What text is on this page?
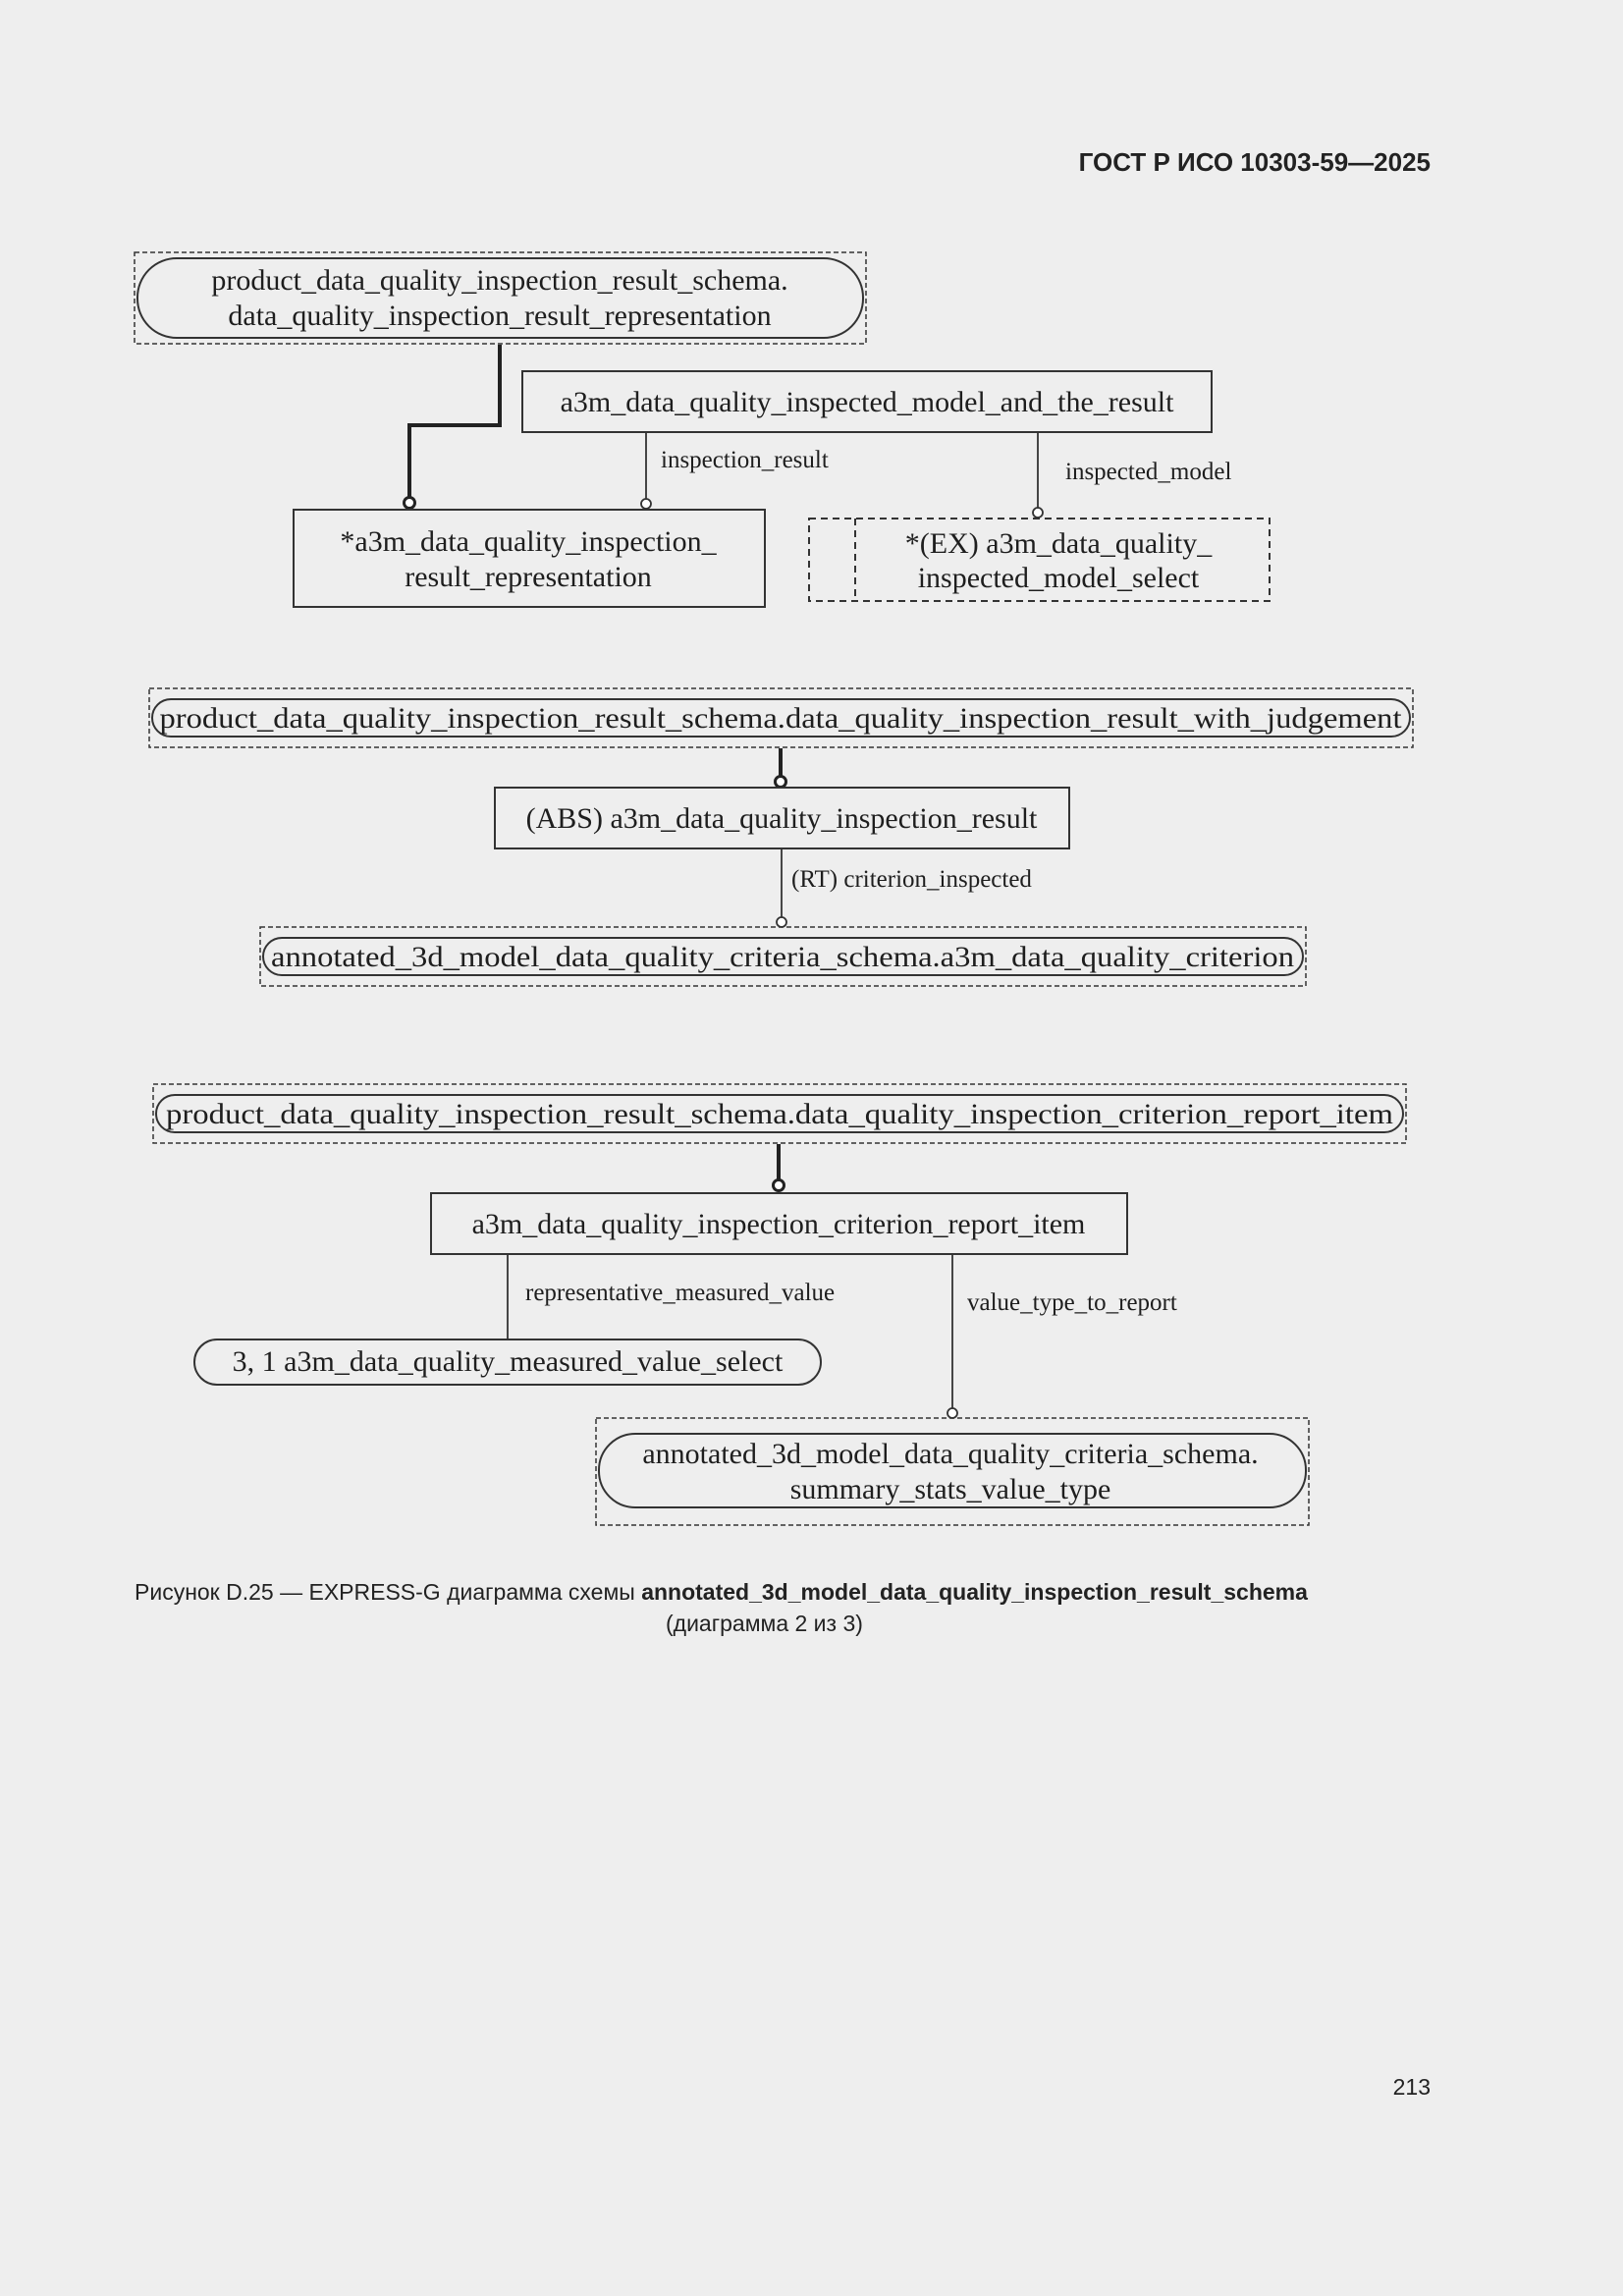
ГОСТ Р ИСО 10303-59—2025
product_data_quality_inspection_result_schema.
data_quality_inspection_result_representation
a3m_data_quality_inspected_model_and_the_result
inspection_result	inspected_model
*a3m_data_quality_inspection_
result_representation
*(EX) a3m_data_quality_
inspected_model_select
product_data_quality_inspection_result_schema.data_quality_inspection_result_with_judgement
(ABS) a3m_data_quality_inspection_result
(RT) criterion_inspected
annotated_3d_model_data_quality_criteria_schema.a3m_data_quality_criterion
product_data_quality_inspection_result_schema.data_quality_inspection_criterion_report_item
a3m_data_quality_inspection_criterion_report_item
representative_measured_value	value_type_to_report
3, 1 a3m_data_quality_measured_value_select
annotated_3d_model_data_quality_criteria_schema.
summary_stats_value_type
Рисунок D.25 — EXPRESS-G диаграмма схемы annotated_3d_model_data_quality_inspection_result_schema
(диаграмма 2 из 3)
213
